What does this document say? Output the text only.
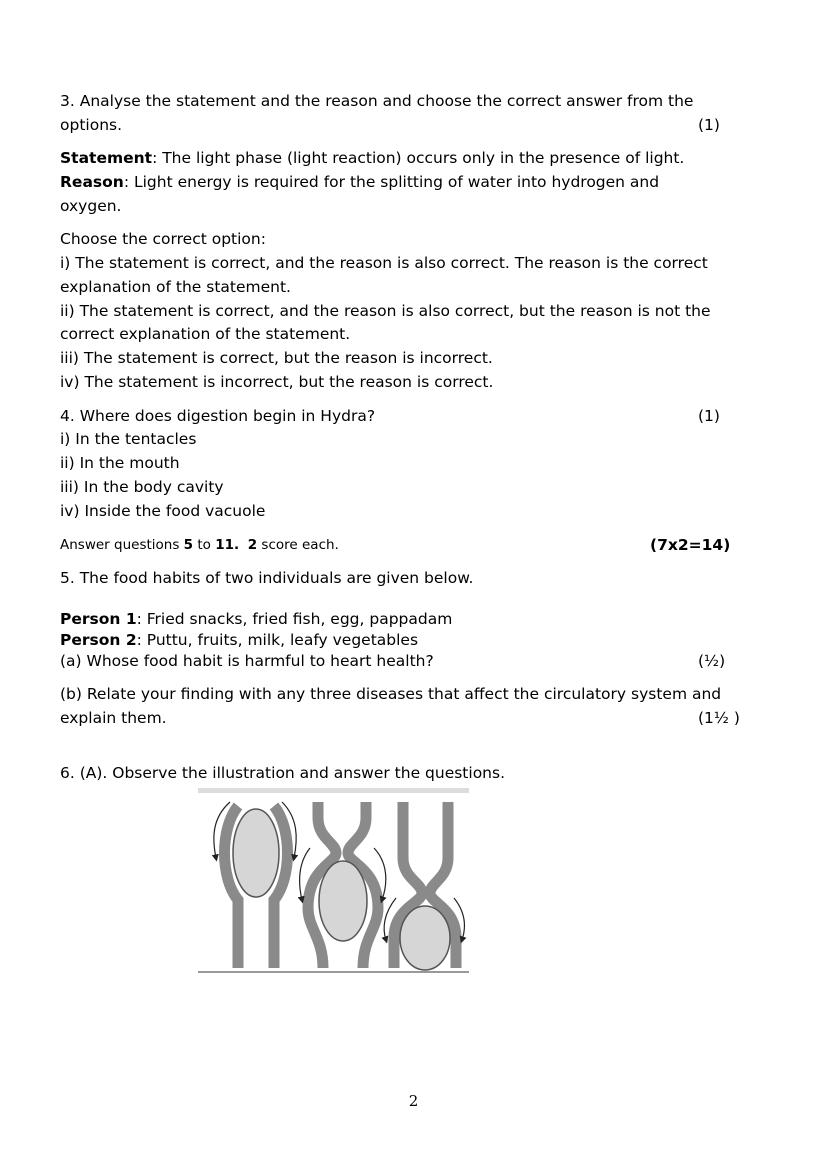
3. Analyse the statement and the reason and choose the correct answer from the
options.	(1)
Statement: The light phase (light reaction) occurs only in the presence of light.
Reason: Light energy is required for the splitting of water into hydrogen and
oxygen.
Choose the correct option:
i) The statement is correct, and the reason is also correct. The reason is the correct
explanation of the statement.
ii) The statement is correct, and the reason is also correct, but the reason is not the
correct explanation of the statement.
iii) The statement is correct, but the reason is incorrect.
iv) The statement is incorrect, but the reason is correct.
4. Where does digestion begin in Hydra?	(1)
i) In the tentacles
ii) In the mouth
iii) In the body cavity
iv) Inside the food vacuole
Answer questions 5 to 11. 2 score each.	(7x2=14)
5. The food habits of two individuals are given below.
Person 1: Fried snacks, fried fish, egg, pappadam
Person 2: Puttu, fruits, milk, leafy vegetables
(a) Whose food habit is harmful to heart health?	(½)
(b) Relate your finding with any three diseases that affect the circulatory system and
explain them.	(1½ )
6. (A). Observe the illustration and answer the questions.
2
